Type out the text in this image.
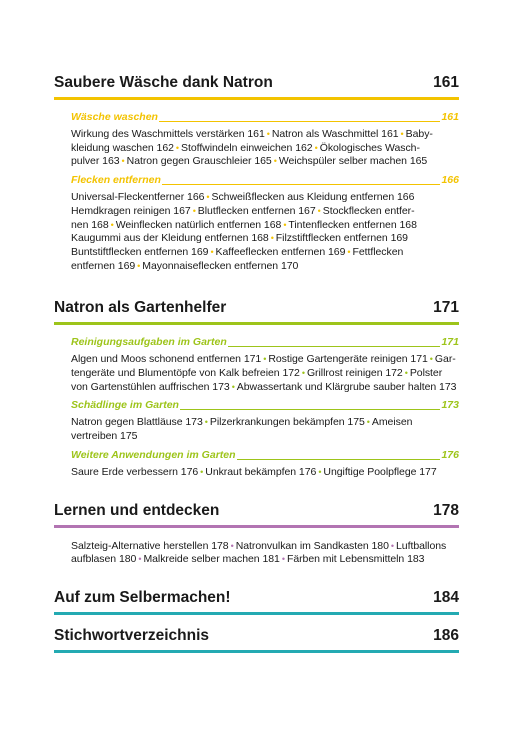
Saubere Wäsche dank Natron	161
Wäsche waschen	161
Wirkung des Waschmittels verstärken 161 • Natron als Waschmittel 161 • Baby-
kleidung waschen 162 • Stoffwindeln einweichen 162 • Ökologisches Wasch-
pulver 163 • Natron gegen Grauschleier 165 • Weichspüler selber machen 165
Flecken entfernen	166
Universal-Fleckentferner 166 • Schweißflecken aus Kleidung entfernen 166
Hemdkragen reinigen 167 • Blutflecken entfernen 167 • Stockflecken entfer-
nen 168 • Weinflecken natürlich entfernen 168 • Tintenflecken entfernen 168
Kaugummi aus der Kleidung entfernen 168 • Filzstiftflecken entfernen 169
Buntstiftflecken entfernen 169 • Kaffeeflecken entfernen 169 • Fettflecken
entfernen 169 • Mayonnaiseflecken entfernen 170
Natron als Gartenhelfer	171
Reinigungsaufgaben im Garten	171
Algen und Moos schonend entfernen 171 • Rostige Gartengeräte reinigen 171 • Gar-
tengeräte und Blumentöpfe von Kalk befreien 172 • Grillrost reinigen 172 • Polster
von Gartenstühlen auffrischen 173 • Abwassertank und Klärgrube sauber halten 173
Schädlinge im Garten	173
Natron gegen Blattläuse 173 • Pilzerkrankungen bekämpfen 175 • Ameisen
vertreiben 175
Weitere Anwendungen im Garten	176
Saure Erde verbessern 176 • Unkraut bekämpfen 176 • Ungiftige Poolpflege 177
Lernen und entdecken	178
Salzteig-Alternative herstellen 178 • Natronvulkan im Sandkasten 180 • Luftballons
aufblasen 180 • Malkreide selber machen 181 • Färben mit Lebensmitteln 183
Auf zum Selbermachen!	184
Stichwortverzeichnis	186
